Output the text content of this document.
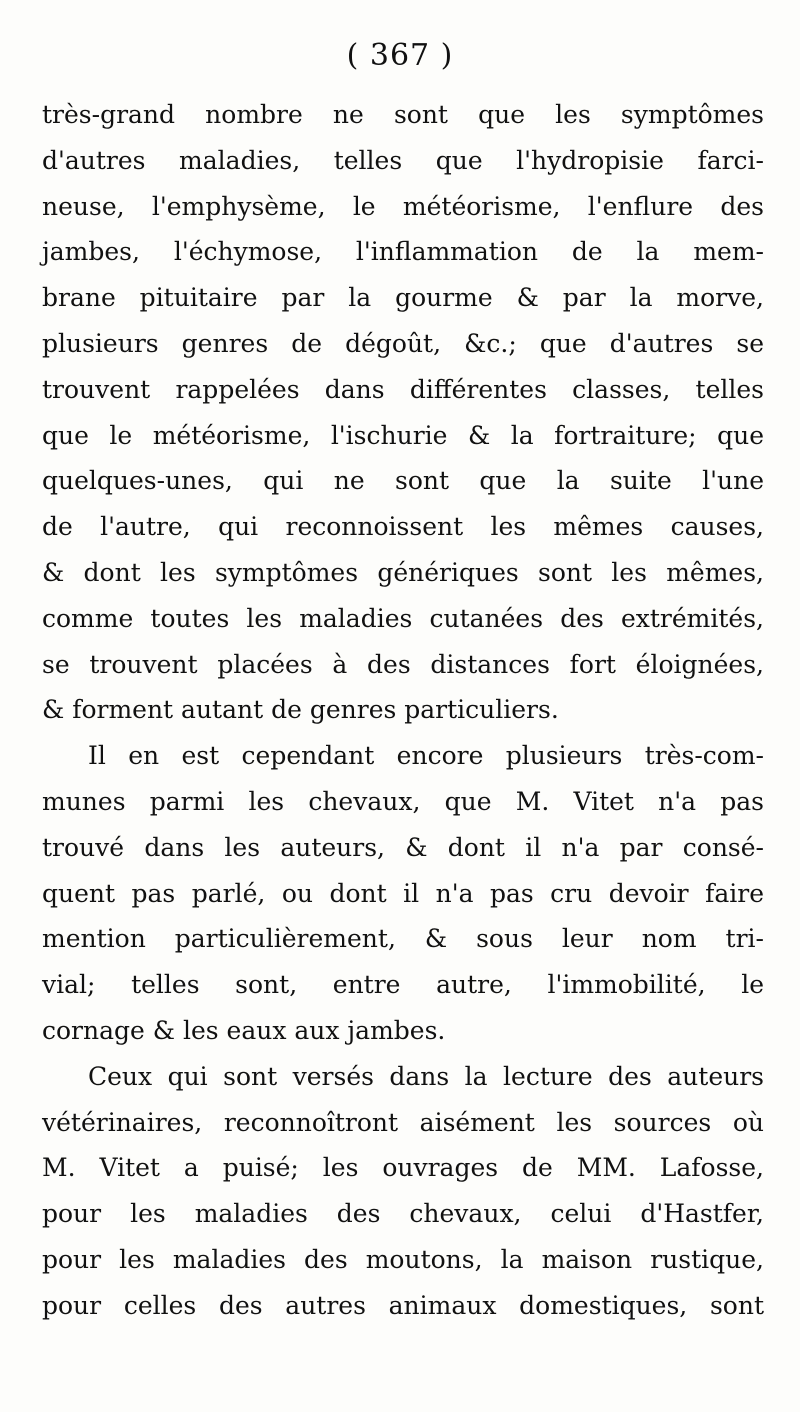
( 367 )
très-grand nombre ne sont que les symptômes
d'autres maladies, telles que l'hydropisie farci-
neuse, l'emphysème, le météorisme, l'enflure des
jambes, l'échymose, l'inflammation de la mem-
brane pituitaire par la gourme & par la morve,
plusieurs genres de dégoût, &c.; que d'autres se
trouvent rappelées dans différentes classes, telles
que le météorisme, l'ischurie & la fortraiture; que
quelques-unes, qui ne sont que la suite l'une
de l'autre, qui reconnoissent les mêmes causes,
& dont les symptômes génériques sont les mêmes,
comme toutes les maladies cutanées des extrémités,
se trouvent placées à des distances fort éloignées,
& forment autant de genres particuliers.
Il en est cependant encore plusieurs très-com-
munes parmi les chevaux, que M. Vitet n'a pas
trouvé dans les auteurs, & dont il n'a par consé-
quent pas parlé, ou dont il n'a pas cru devoir faire
mention particulièrement, & sous leur nom tri-
vial; telles sont, entre autre, l'immobilité, le
cornage & les eaux aux jambes.
Ceux qui sont versés dans la lecture des auteurs
vétérinaires, reconnoîtront aisément les sources où
M. Vitet a puisé; les ouvrages de MM. Lafosse,
pour les maladies des chevaux, celui d'Hastfer,
pour les maladies des moutons, la maison rustique,
pour celles des autres animaux domestiques, sont
